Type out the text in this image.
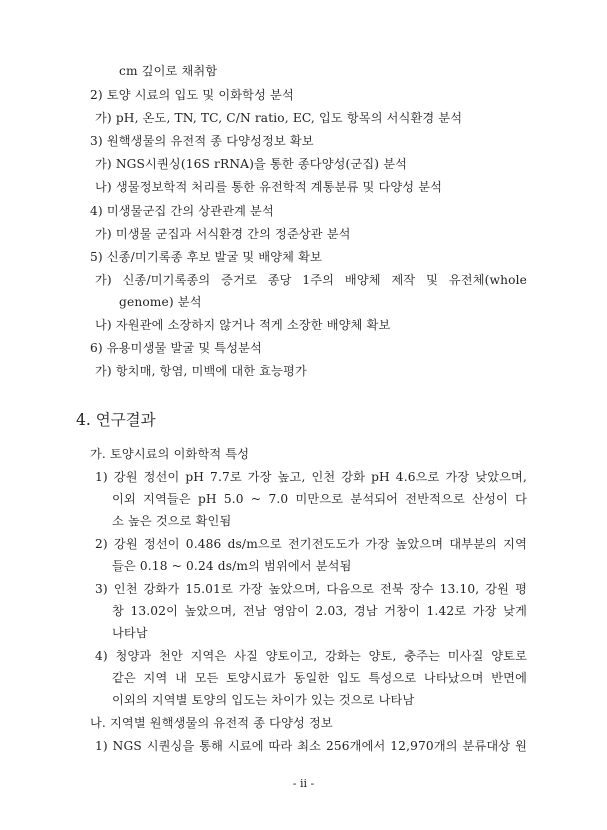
cm 깊이로 채취함
2) 토양 시료의 입도 및 이화학성 분석
가) pH, 온도, TN, TC, C/N ratio, EC, 입도 항목의 서식환경 분석
3) 원핵생물의 유전적 종 다양성정보 확보
가) NGS시퀀싱(16S rRNA)을 통한 종다양성(군집) 분석
나) 생물정보학적 처리를 통한 유전학적 계통분류 및 다양성 분석
4) 미생물군집 간의 상관관계 분석
가) 미생물 군집과 서식환경 간의 정준상관 분석
5) 신종/미기록종 후보 발굴 및 배양체 확보
가) 신종/미기록종의 증거로 종당 1주의 배양체 제작 및 유전체(whole
genome) 분석
나) 자원관에 소장하지 않거나 적게 소장한 배양체 확보
6) 유용미생물 발굴 및 특성분석
가) 항치매, 항염, 미백에 대한 효능평가
4. 연구결과
가. 토양시료의 이화학적 특성
1) 강원 정선이 pH 7.7로 가장 높고, 인천 강화 pH 4.6으로 가장 낮았으며,
이외 지역들은 pH 5.0 ~ 7.0 미만으로 분석되어 전반적으로 산성이 다
소 높은 것으로 확인됨
2) 강원 정선이 0.486 ds/m으로 전기전도도가 가장 높았으며 대부분의 지역
들은 0.18 ~ 0.24 ds/m의 범위에서 분석됨
3) 인천 강화가 15.01로 가장 높았으며, 다음으로 전북 장수 13.10, 강원 평
창 13.02이 높았으며, 전남 영암이 2.03, 경남 거창이 1.42로 가장 낮게
나타남
4) 청양과 천안 지역은 사질 양토이고, 강화는 양토, 충주는 미사질 양토로
같은 지역 내 모든 토양시료가 동일한 입도 특성으로 나타났으며 반면에
이외의 지역별 토양의 입도는 차이가 있는 것으로 나타남
나. 지역별 원핵생물의 유전적 종 다양성 정보
1) NGS 시퀀싱을 통해 시료에 따라 최소 256개에서 12,970개의 분류대상 원
- ii -
